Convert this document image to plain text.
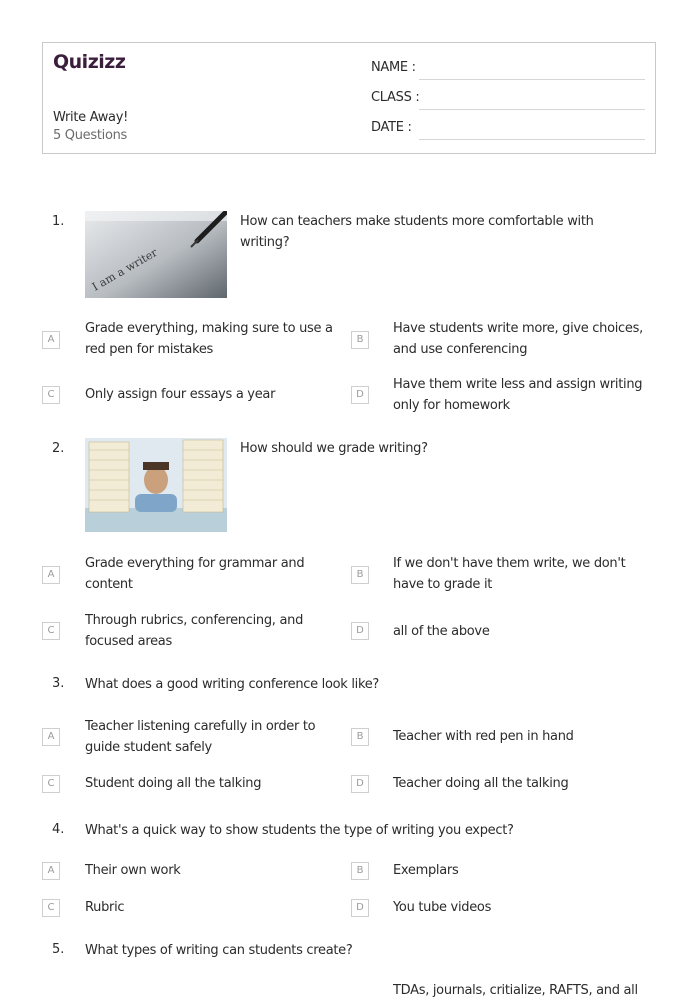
Quizizz
Write Away!
5 Questions
NAME :
CLASS :
DATE :
1.
I am a writer
How can teachers make students more comfortable with
writing?
A
Grade everything, making sure to use a
red pen for mistakes
B
Have students write more, give choices,
and use conferencing
C	Only assign four essays a year	D
Have them write less and assign writing
only for homework
2.	How should we grade writing?
A
Grade everything for grammar and
content
B
If we don't have them write, we don't
have to grade it
C
Through rubrics, conferencing, and
focused areas
D	all of the above
3. What does a good writing conference look like?
A
Teacher listening carefully in order to
guide student safely
B	Teacher with red pen in hand
C	Student doing all the talking	D	Teacher doing all the talking
4. What's a quick way to show students the type of writing you expect?
A	Their own work	B	Exemplars
C	Rubric	D	You tube videos
5. What types of writing can students create?
TDAs, journals, critialize, RAFTS, and all
